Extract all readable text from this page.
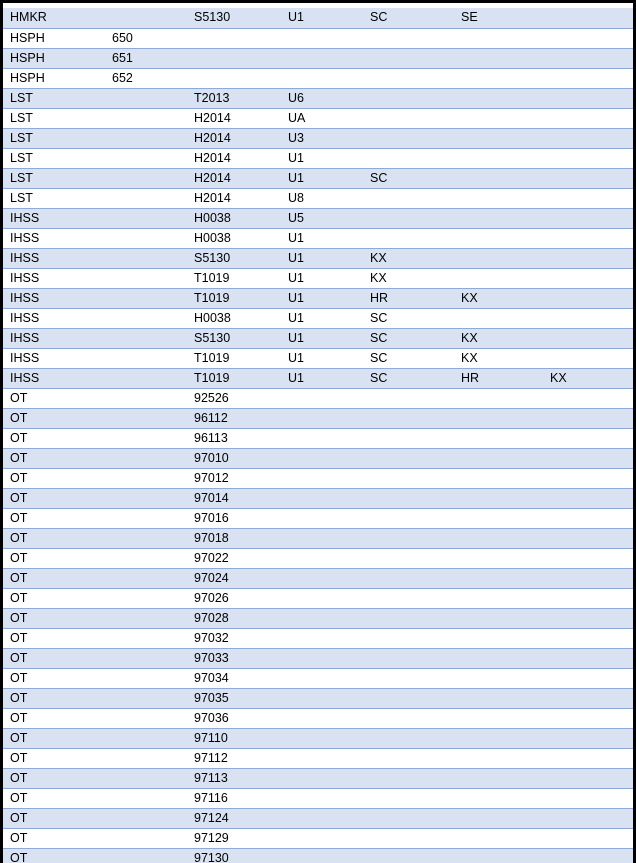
HMKR		S5130	U1	SC	SE	
HSPH	650					
HSPH	651					
HSPH	652					
LST		T2013	U6			
LST		H2014	UA			
LST		H2014	U3			
LST		H2014	U1			
LST		H2014	U1	SC		
LST		H2014	U8			
IHSS		H0038	U5			
IHSS		H0038	U1			
IHSS		S5130	U1	KX		
IHSS		T1019	U1	KX		
IHSS		T1019	U1	HR	KX	
IHSS		H0038	U1	SC		
IHSS		S5130	U1	SC	KX	
IHSS		T1019	U1	SC	KX	
IHSS		T1019	U1	SC	HR	KX
OT		92526				
OT		96112				
OT		96113				
OT		97010				
OT		97012				
OT		97014				
OT		97016				
OT		97018				
OT		97022				
OT		97024				
OT		97026				
OT		97028				
OT		97032				
OT		97033				
OT		97034				
OT		97035				
OT		97036				
OT		97110				
OT		97112				
OT		97113				
OT		97116				
OT		97124				
OT		97129				
OT		97130				
